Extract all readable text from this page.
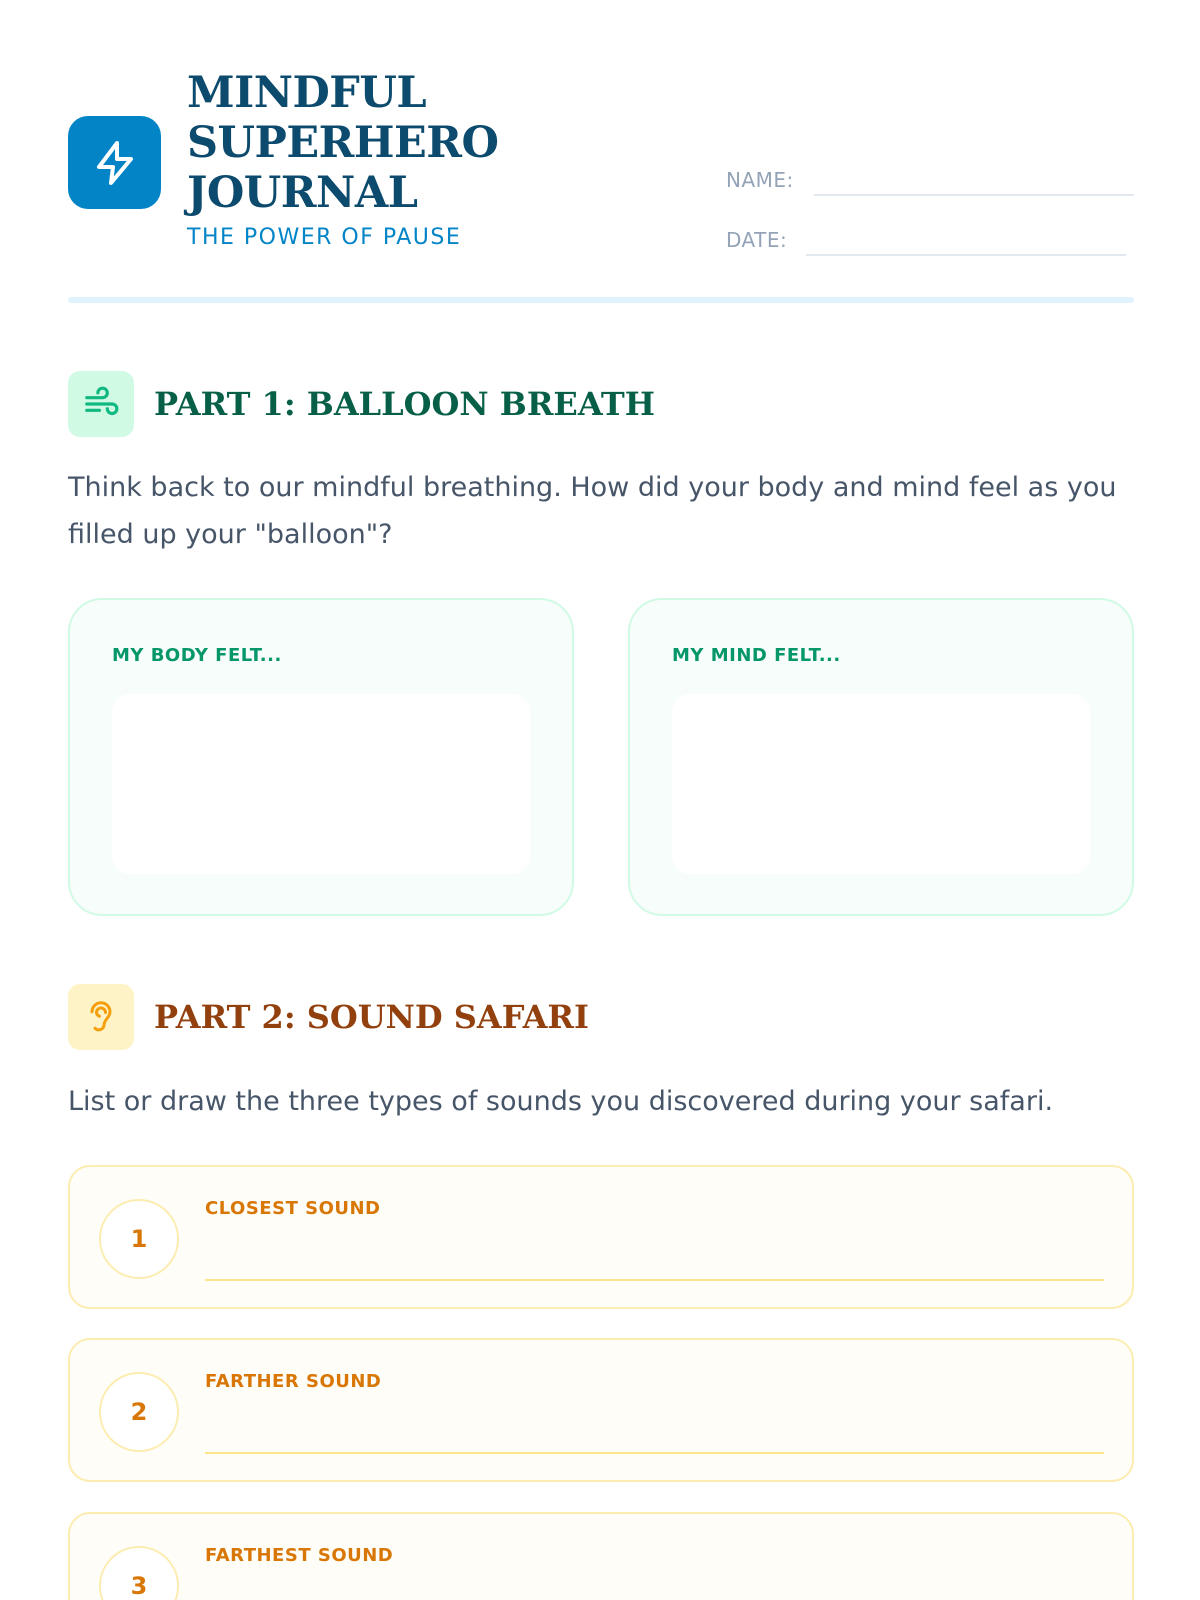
MINDFUL
SUPERHERO
JOURNAL
THE POWER OF PAUSE
NAME:
DATE:
PART 1: BALLOON BREATH
Think back to our mindful breathing. How did your body and mind feel as you filled up your "balloon"?
MY BODY FELT...	MY MIND FELT...
PART 2: SOUND SAFARI
List or draw the three types of sounds you discovered during your safari.
1
CLOSEST SOUND
2
FARTHER SOUND
3
FARTHEST SOUND
